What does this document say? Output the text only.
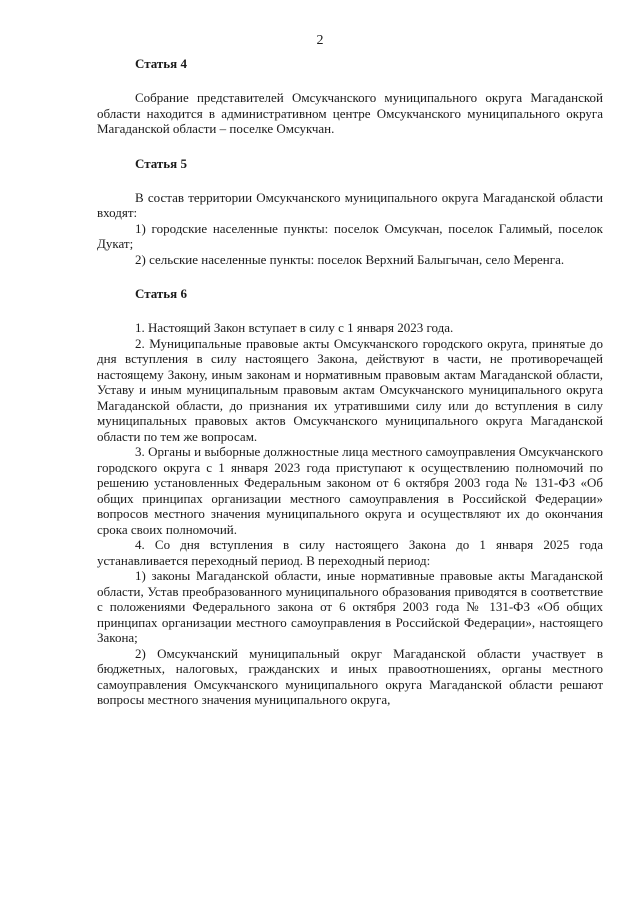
2
Статья 4

Собрание представителей Омсукчанского муниципального округа Магаданской области находится в административном центре Омсукчанского муниципального округа Магаданской области – поселке Омсукчан.

Статья 5

В состав территории Омсукчанского муниципального округа Магаданской области входят:

1) городские населенные пункты: поселок Омсукчан, поселок Галимый, поселок Дукат;

2) сельские населенные пункты: поселок Верхний Балыгычан, село Меренга.

Статья 6

1. Настоящий Закон вступает в силу с 1 января 2023 года.

2. Муниципальные правовые акты Омсукчанского городского округа, принятые до дня вступления в силу настоящего Закона, действуют в части, не противоречащей настоящему Закону, иным законам и нормативным правовым актам Магаданской области, Уставу и иным муниципальным правовым актам Омсукчанского муниципального округа Магаданской области, до признания их утратившими силу или до вступления в силу муниципальных правовых актов Омсукчанского муниципального округа Магаданской области по тем же вопросам.

3. Органы и выборные должностные лица местного самоуправления Омсукчанского городского округа с 1 января 2023 года приступают к осуществлению полномочий по решению установленных Федеральным законом от 6 октября 2003 года № 131-ФЗ «Об общих принципах организации местного самоуправления в Российской Федерации» вопросов местного значения муниципального округа и осуществляют их до окончания срока своих полномочий.

4. Со дня вступления в силу настоящего Закона до 1 января 2025 года устанавливается переходный период. В переходный период:

1) законы Магаданской области, иные нормативные правовые акты Магаданской области, Устав преобразованного муниципального образования приводятся в соответствие с положениями Федерального закона от 6 октября 2003 года № 131-ФЗ «Об общих принципах организации местного самоуправления в Российской Федерации», настоящего Закона;

2) Омсукчанский муниципальный округ Магаданской области участвует в бюджетных, налоговых, гражданских и иных правоотношениях, органы местного самоуправления Омсукчанского муниципального округа Магаданской области решают вопросы местного значения муниципального округа,
